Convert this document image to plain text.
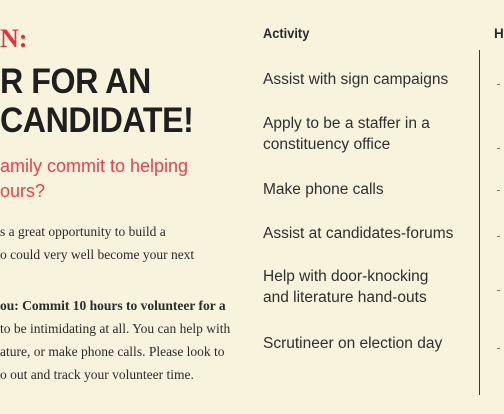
N:
R FOR AN
CANDIDATE!

amily commit to helping
ours?

s a great opportunity to build a
o could very well become your next

ou: Commit 10 hours to volunteer for a
to be intimidating at all. You can help with
ature, or make phone calls. Please look to
o out and track your volunteer time.

Activity
Assist with sign campaigns
Apply to be a staffer in a
constituency office
Make phone calls
Assist at candidates-forums
Help with door-knocking
and literature hand-outs
Scrutineer on election day
H
